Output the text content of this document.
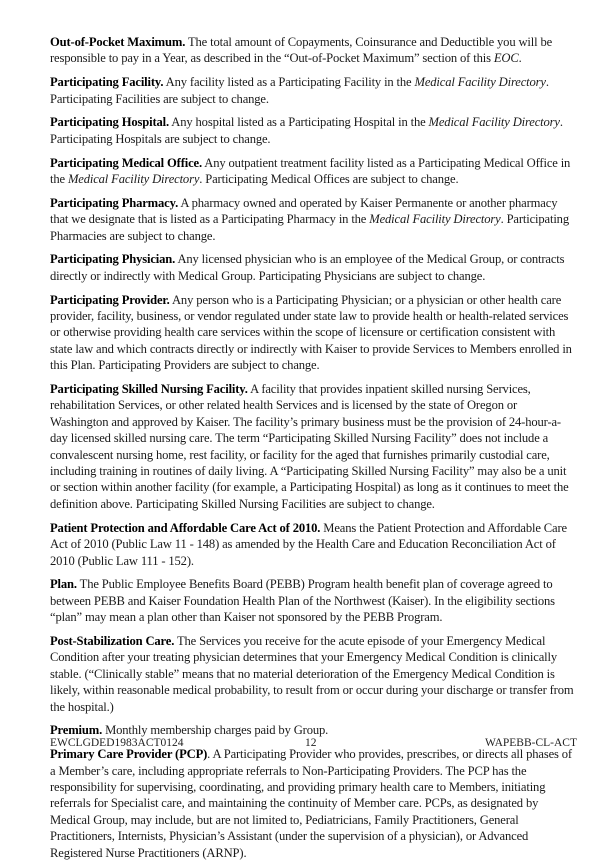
Out-of-Pocket Maximum. The total amount of Copayments, Coinsurance and Deductible you will be responsible to pay in a Year, as described in the “Out-of-Pocket Maximum” section of this EOC.

Participating Facility. Any facility listed as a Participating Facility in the Medical Facility Directory. Participating Facilities are subject to change.

Participating Hospital. Any hospital listed as a Participating Hospital in the Medical Facility Directory. Participating Hospitals are subject to change.

Participating Medical Office. Any outpatient treatment facility listed as a Participating Medical Office in the Medical Facility Directory. Participating Medical Offices are subject to change.

Participating Pharmacy. A pharmacy owned and operated by Kaiser Permanente or another pharmacy that we designate that is listed as a Participating Pharmacy in the Medical Facility Directory. Participating Pharmacies are subject to change.

Participating Physician. Any licensed physician who is an employee of the Medical Group, or contracts directly or indirectly with Medical Group. Participating Physicians are subject to change.

Participating Provider. Any person who is a Participating Physician; or a physician or other health care provider, facility, business, or vendor regulated under state law to provide health or health-related services or otherwise providing health care services within the scope of licensure or certification consistent with state law and which contracts directly or indirectly with Kaiser to provide Services to Members enrolled in this Plan. Participating Providers are subject to change.

Participating Skilled Nursing Facility. A facility that provides inpatient skilled nursing Services, rehabilitation Services, or other related health Services and is licensed by the state of Oregon or Washington and approved by Kaiser. The facility’s primary business must be the provision of 24-hour-a-day licensed skilled nursing care. The term “Participating Skilled Nursing Facility” does not include a convalescent nursing home, rest facility, or facility for the aged that furnishes primarily custodial care, including training in routines of daily living. A “Participating Skilled Nursing Facility” may also be a unit or section within another facility (for example, a Participating Hospital) as long as it continues to meet the definition above. Participating Skilled Nursing Facilities are subject to change.

Patient Protection and Affordable Care Act of 2010. Means the Patient Protection and Affordable Care Act of 2010 (Public Law 11 ‑ 148) as amended by the Health Care and Education Reconciliation Act of 2010 (Public Law 111 ‑ 152).

Plan. The Public Employee Benefits Board (PEBB) Program health benefit plan of coverage agreed to between PEBB and Kaiser Foundation Health Plan of the Northwest (Kaiser). In the eligibility sections “plan” may mean a plan other than Kaiser not sponsored by the PEBB Program.

Post-Stabilization Care. The Services you receive for the acute episode of your Emergency Medical Condition after your treating physician determines that your Emergency Medical Condition is clinically stable. (“Clinically stable” means that no material deterioration of the Emergency Medical Condition is likely, within reasonable medical probability, to result from or occur during your discharge or transfer from the hospital.)

Premium. Monthly membership charges paid by Group.

Primary Care Provider (PCP). A Participating Provider who provides, prescribes, or directs all phases of a Member’s care, including appropriate referrals to Non-Participating Providers. The PCP has the responsibility for supervising, coordinating, and providing primary health care to Members, initiating referrals for Specialist care, and maintaining the continuity of Member care. PCPs, as designated by Medical Group, may include, but are not limited to, Pediatricians, Family Practitioners, General Practitioners, Internists, Physician’s Assistant (under the supervision of a physician), or Advanced Registered Nurse Practitioners (ARNP).

EWCLGDED1983ACT0124	12	WAPEBB-CL-ACT
